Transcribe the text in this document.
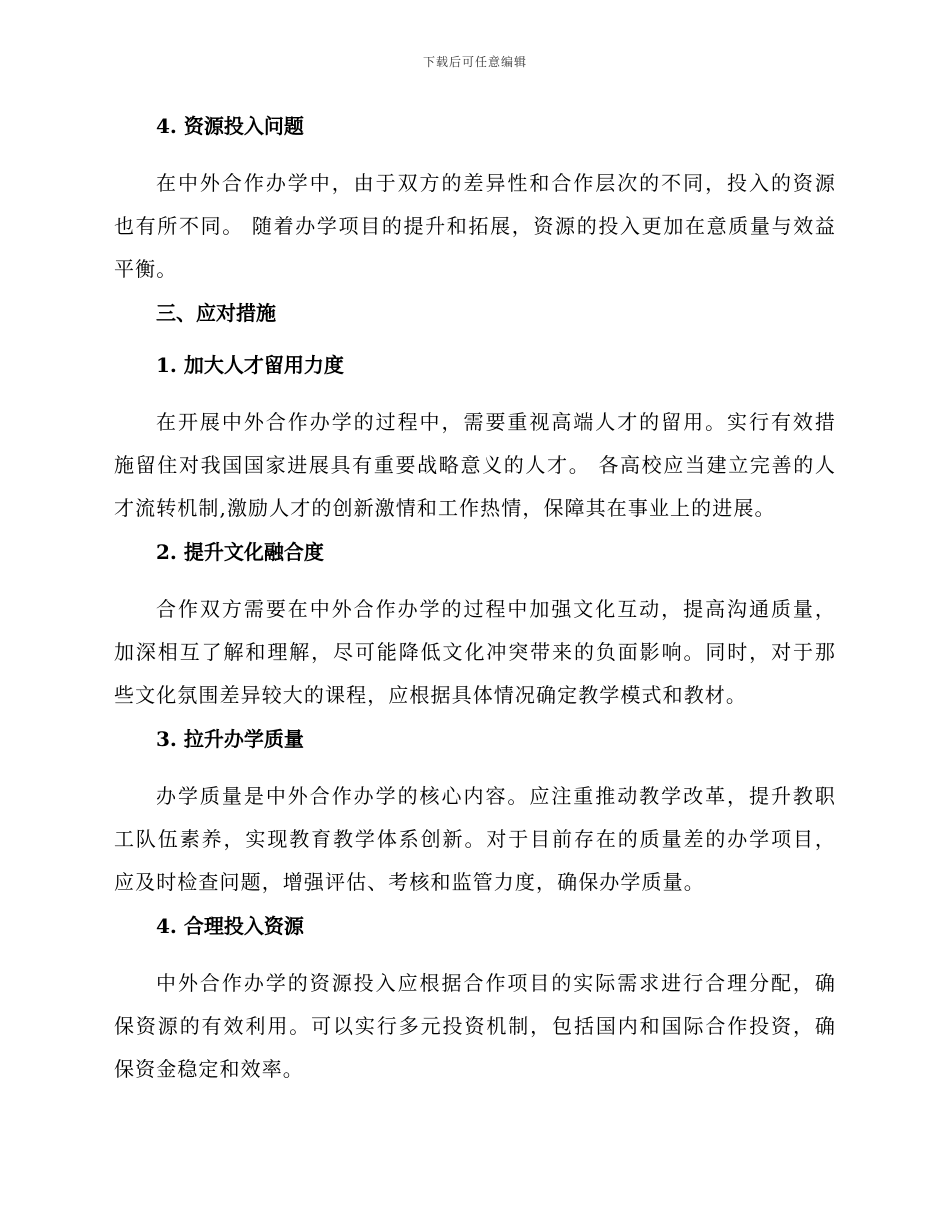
下载后可任意编辑
4. 资源投入问题

在中外合作办学中，由于双方的差异性和合作层次的不同，投入的资源
也有所不同。 随着办学项目的提升和拓展，资源的投入更加在意质量与效益
平衡。

三、应对措施
1. 加大人才留用力度

在开展中外合作办学的过程中，需要重视高端人才的留用。实行有效措
施留住对我国国家进展具有重要战略意义的人才。 各高校应当建立完善的人
才流转机制,激励人才的创新激情和工作热情，保障其在事业上的进展。

2. 提升文化融合度

合作双方需要在中外合作办学的过程中加强文化互动，提高沟通质量，
加深相互了解和理解，尽可能降低文化冲突带来的负面影响。同时，对于那
些文化氛围差异较大的课程，应根据具体情况确定教学模式和教材。

3. 拉升办学质量

办学质量是中外合作办学的核心内容。应注重推动教学改革，提升教职
工队伍素养，实现教育教学体系创新。对于目前存在的质量差的办学项目，
应及时检查问题，增强评估、考核和监管力度，确保办学质量。

4. 合理投入资源

中外合作办学的资源投入应根据合作项目的实际需求进行合理分配，确
保资源的有效利用。可以实行多元投资机制，包括国内和国际合作投资，确
保资金稳定和效率。
